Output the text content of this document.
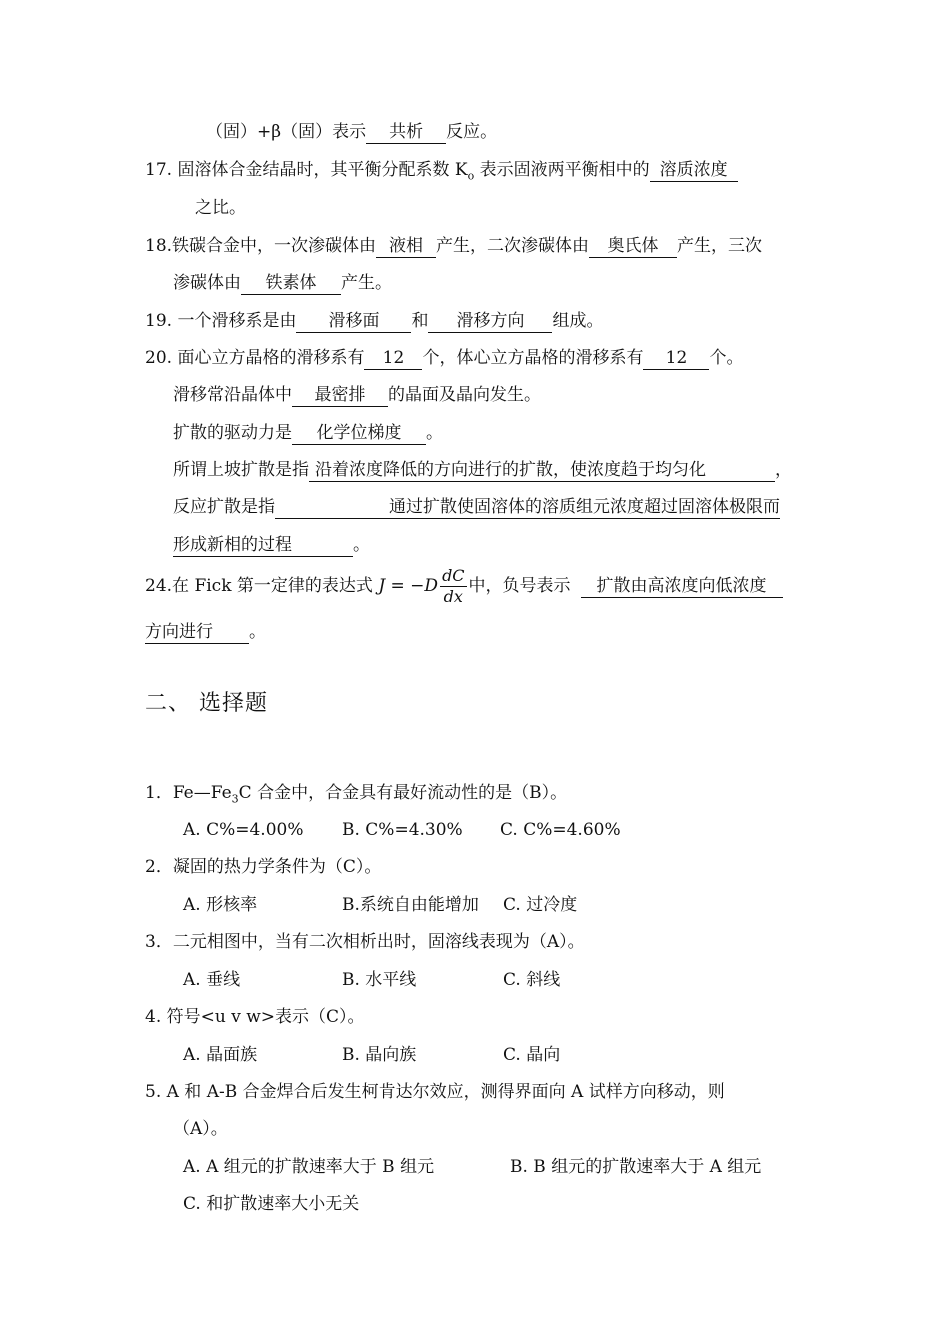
（固）+β（固）表示 共析 反应。
17. 固溶体合金结晶时，其平衡分配系数 $K_o$ 表示固液两平衡相中的 溶质浓度
之比。
18.铁碳合金中，一次渗碳体由 液相 产生，二次渗碳体由 奥氏体 产生，三次
渗碳体由 铁素体 产生。
19. 一个滑移系是由 滑移面 和 滑移方向 组成。
20. 面心立方晶格的滑移系有 12 个，体心立方晶格的滑移系有 12 个。
滑移常沿晶体中 最密排 的晶面及晶向发生。
扩散的驱动力是 化学位梯度 。
所谓上坡扩散是指 沿着浓度降低的方向进行的扩散，使浓度趋于均匀化	，
反应扩散是指	通过扩散使固溶体的溶质组元浓度超过固溶体极限而
形成新相的过程	。
24.在 Fick 第一定律的表达式 $J = -D \frac{dC}{dx}$ 中，负号表示 扩散由高浓度向低浓度
方向进行 。
二、 选择题
1．$Fe—Fe_3C$ 合金中，合金具有最好流动性的是（B）。
A. C%=4.00% B. C%=4.30% C. C%=4.60%
2．凝固的热力学条件为（C）。
A. 形核率	B.系统自由能增加 C. 过冷度
3．二元相图中，当有二次相析出时，固溶线表现为（A）。
A. 垂线	B. 水平线	C. 斜线
4. 符号<u v w>表示（C）。
A. 晶面族	B. 晶向族	C. 晶向
5. A 和 A-B 合金焊合后发生柯肯达尔效应，测得界面向 A 试样方向移动，则
（A）。
A. A 组元的扩散速率大于 B 组元	B. B 组元的扩散速率大于 A 组元
C. 和扩散速率大小无关
